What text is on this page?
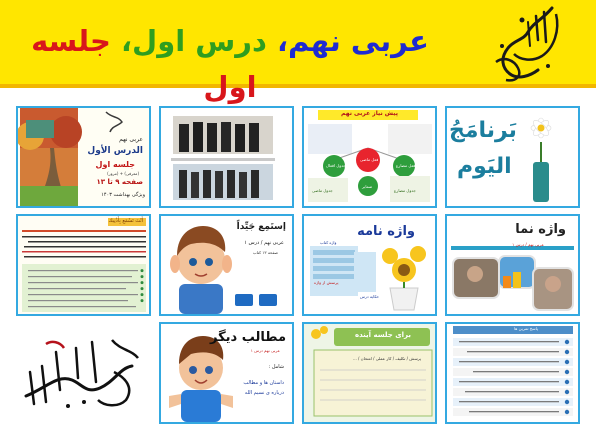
عربی نهم، درس اول، جلسه اول
عربی نهم
الدرس الأول
جلسه اول
(معرفی) + (مرور)
صفحه ۹ تا ۱۳
ویژگی بهداشت ۱۴۰۳
پیش نیاز عربی نهم
فعل ماضی
جدول افعال	فعل مضارع
ضمایر
جدول ماضی	جدول مضارع
بَرنامَجُ
اليَوم
أَنْتَ تَسْمَع بِأُذُنِيك
إستَمِع جَيِّداً
عربی نهم / درس ۱
صفحه ۱۳ كتاب
واژه نامه
واژه كتاب
پرسش از واژه
حكايه درس
واژه نما
عربی نهم / درس ۱
مطالب دیگر
عربی نهم درس ۱
شامل :
داستان ها و مطالب
درباره ی نسیم الله
برای جلسه آینده
پرسش / تكلیف / كار عملی / امتحان / ...
پاسخ تمرین ها
